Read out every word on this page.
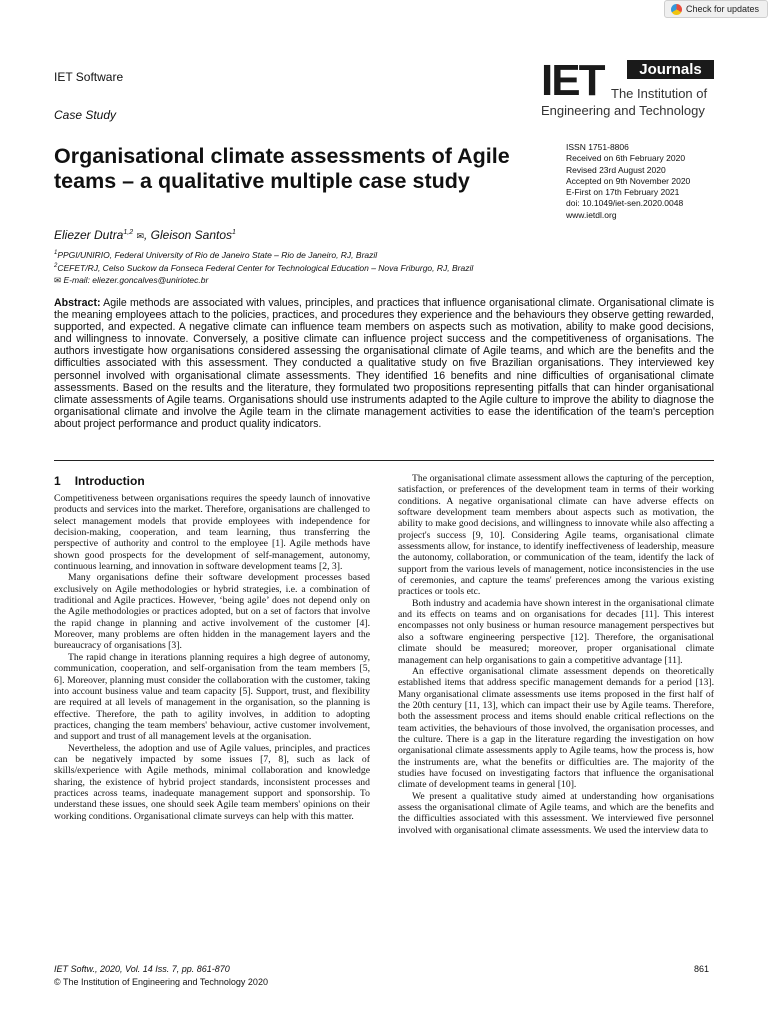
Check for updates
IET Software
Case Study
IET	Journals
The Institution of
Engineering and Technology
Organisational climate assessments of Agile teams – a qualitative multiple case study
ISSN 1751-8806
Received on 6th February 2020
Revised 23rd August 2020
Accepted on 9th November 2020
E-First on 17th February 2021
doi: 10.1049/iet-sen.2020.0048
www.ietdl.org
Eliezer Dutra$^{1,2}$ ✉, Gleison Santos$^1$
$^1$PPGI/UNIRIO, Federal University of Rio de Janeiro State – Rio de Janeiro, RJ, Brazil
$^2$CEFET/RJ, Celso Suckow da Fonseca Federal Center for Technological Education – Nova Friburgo, RJ, Brazil
✉ E-mail: eliezer.goncalves@uniriotec.br
Abstract: Agile methods are associated with values, principles, and practices that influence organisational climate. Organisational climate is the meaning employees attach to the policies, practices, and procedures they experience and the behaviours they observe getting rewarded, supported, and expected. A negative climate can influence team members on aspects such as motivation, ability to make good decisions, and willingness to innovate. Conversely, a positive climate can influence project success and the competitiveness of organisations. The authors investigate how organisations considered assessing the organisational climate of Agile teams, and which are the benefits and the difficulties associated with this assessment. They conducted a qualitative study on five Brazilian organisations. They interviewed key personnel involved with organisational climate assessments. They identified 16 benefits and nine difficulties of organisational climate assessments. Based on the results and the literature, they formulated two propositions representing pitfalls that can hinder organisational climate assessments of Agile teams. Organisations should use instruments adapted to the Agile culture to improve the ability to diagnose the organisational climate and involve the Agile team in the climate management activities to ease the identification of the team's perception about project performance and product quality indicators.
1 Introduction

Competitiveness between organisations requires the speedy launch of innovative products and services into the market. Therefore, organisations are challenged to select management models that provide employees with independence for decision-making, cooperation, and team learning, thus transferring the perspective of authority and control to the employee [1]. Agile methods have shown good prospects for the development of self-management, autonomy, continuous learning, and innovation in software development teams [2, 3].

Many organisations define their software development processes based exclusively on Agile methodologies or hybrid strategies, i.e. a combination of traditional and Agile practices. However, ‘being agile’ does not depend only on the Agile methodologies or practices adopted, but on a set of factors that involve the rapid change in planning and active involvement of the customer [4]. Moreover, many problems are often hidden in the management layers and the bureaucracy of organisations [3].

The rapid change in iterations planning requires a high degree of autonomy, communication, cooperation, and self-organisation from the team members [5, 6]. Moreover, planning must consider the collaboration with the customer, taking into account business value and team capacity [5]. Support, trust, and flexibility are required at all levels of management in the organisation, so the planning is effective. Therefore, the path to agility involves, in addition to adopting practices, changing the team members' behaviour, active customer involvement, and support and trust of all management levels at the organisation.

Nevertheless, the adoption and use of Agile values, principles, and practices can be negatively impacted by some issues [7, 8], such as lack of skills/experience with Agile methods, minimal collaboration and knowledge sharing, the existence of hybrid project standards, inconsistent processes and practices across teams, inadequate management support and sponsorship. To understand these issues, one should seek Agile team members' opinions on their working conditions. Organisational climate surveys can help with this matter.

The organisational climate assessment allows the capturing of the perception, satisfaction, or preferences of the development team in terms of their working conditions. A negative organisational climate can have adverse effects on software development team members about aspects such as motivation, the ability to make good decisions, and willingness to innovate while also affecting a project's success [9, 10]. Considering Agile teams, organisational climate assessments allow, for instance, to identify ineffectiveness of leadership, measure the autonomy, collaboration, or communication of the team, identify the lack of support from the various levels of management, notice inconsistencies in the use of ceremonies, and capture the teams' preferences among the various existing practices or tools etc.

Both industry and academia have shown interest in the organisational climate and its effects on teams and on organisations for decades [11]. This interest encompasses not only business or human resource management perspectives but also a software engineering perspective [12]. Therefore, the organisational climate should be measured; moreover, proper organisational climate management can help organisations to gain a competitive advantage [11].

An effective organisational climate assessment depends on theoretically established items that address specific management demands for a period [13]. Many organisational climate assessments use items proposed in the first half of the 20th century [11, 13], which can impact their use by Agile teams. Therefore, both the assessment process and items should enable critical reflections on the team activities, the behaviours of those involved, the organisation processes, and the culture. There is a gap in the literature regarding the investigation on how organisational climate assessments apply to Agile teams, how the process is, how the instruments are, what the benefits or difficulties are. The majority of the studies have focused on investigating factors that influence the organisational climate of development teams in general [10].

We present a qualitative study aimed at understanding how organisations assess the organisational climate of Agile teams, and which are the benefits and the difficulties associated with this assessment. We interviewed five personnel involved with organisational climate assessments. We used the interview data to

IET Softw., 2020, Vol. 14 Iss. 7, pp. 861-870
© The Institution of Engineering and Technology 2020
861
